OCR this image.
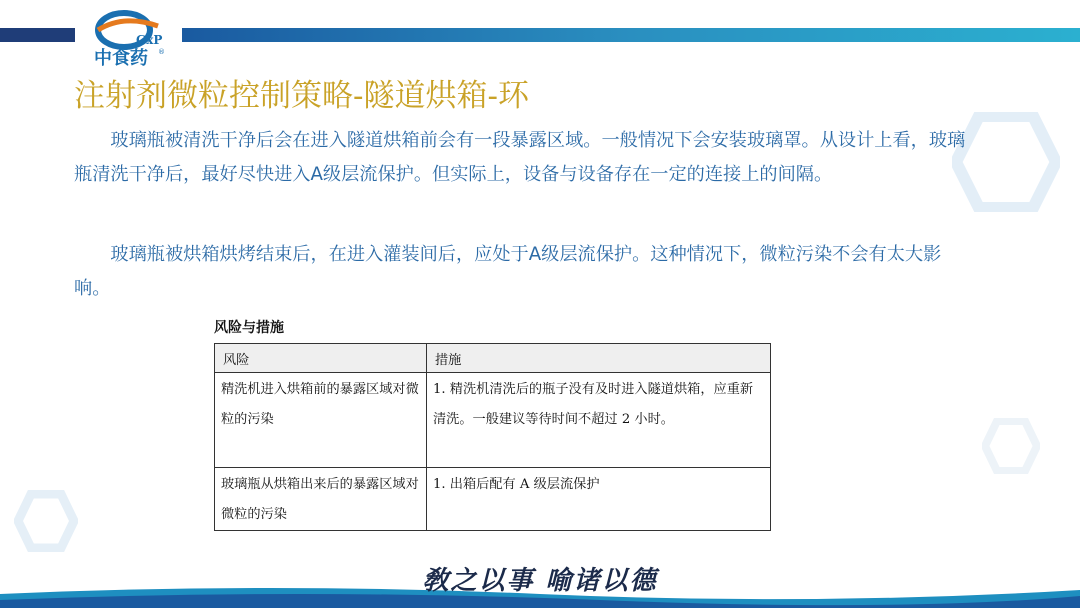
GxP
中食药 ®
注射剂微粒控制策略-隧道烘箱-环

玻璃瓶被清洗干净后会在进入隧道烘箱前会有一段暴露区域。一般情况下会安装玻璃罩。从设计上看，玻璃瓶清洗干净后，最好尽快进入A级层流保护。但实际上，设备与设备存在一定的连接上的间隔。

玻璃瓶被烘箱烘烤结束后，在进入灌装间后，应处于A级层流保护。这种情况下，微粒污染不会有太大影响。

风险与措施

风险	措施
精洗机进入烘箱前的暴露区域对微粒的污染	1. 精洗机清洗后的瓶子没有及时进入隧道烘箱，应重新清洗。一般建议等待时间不超过 2 小时。
玻璃瓶从烘箱出来后的暴露区域对微粒的污染	1. 出箱后配有 A 级层流保护

敎之以事 喻诸以德
